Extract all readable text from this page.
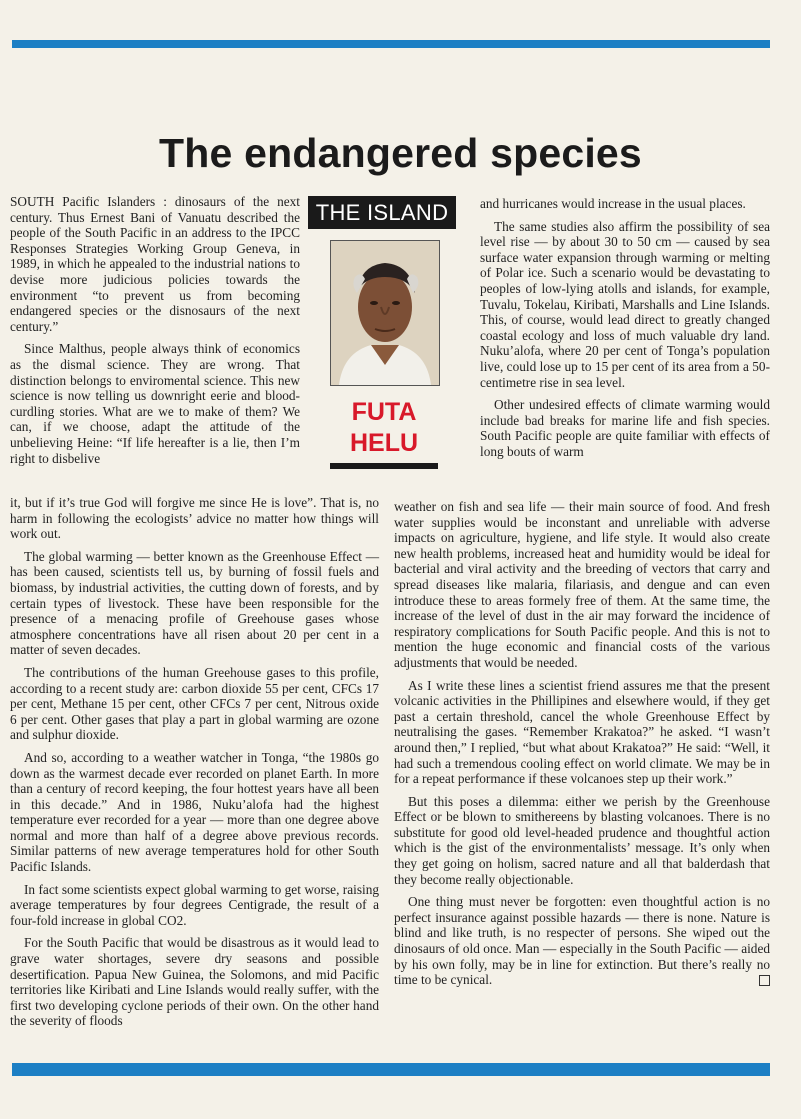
The endangered species
THE ISLAND
FUTA
HELU

SOUTH Pacific Islanders : dinosaurs of the next century. Thus Ernest Bani of Vanuatu described the people of the South Pacific in an address to the IPCC Responses Strategies Working Group Geneva, in 1989, in which he appealed to the industrial nations to devise more judicious policies towards the environment “to prevent us from becoming endangered species or the disnosaurs of the next century.”

Since Malthus, people always think of economics as the dismal science. They are wrong. That distinction belongs to enviromental science. This new science is now telling us downright eerie and blood-curdling stories. What are we to make of them? We can, if we choose, adapt the attitude of the unbelieving Heine: “If life hereafter is a lie, then I’m right to disbelive

it, but if it’s true God will forgive me since He is love”. That is, no harm in following the ecologists’ advice no matter how things will work out.

The global warming — better known as the Greenhouse Effect — has been caused, scientists tell us, by burning of fossil fuels and biomass, by industrial activities, the cutting down of forests, and by certain types of livestock. These have been responsible for the presence of a menacing profile of Greehouse gases whose atmosphere concentrations have all risen about 20 per cent in a matter of seven decades.

The contributions of the human Greehouse gases to this profile, according to a recent study are: carbon dioxide 55 per cent, CFCs 17 per cent, Methane 15 per cent, other CFCs 7 per cent, Nitrous oxide 6 per cent. Other gases that play a part in global warming are ozone and sulphur dioxide.

And so, according to a weather watcher in Tonga, “the 1980s go down as the warmest decade ever recorded on planet Earth. In more than a century of record keeping, the four hottest years have all been in this decade.” And in 1986, Nuku’alofa had the highest temperature ever recorded for a year — more than one degree above normal and more than half of a degree above previous records. Similar patterns of new average temperatures hold for other South Pacific Islands.

In fact some scientists expect global warming to get worse, raising average temperatures by four degrees Centigrade, the result of a four-fold increase in global CO2.

For the South Pacific that would be disastrous as it would lead to grave water shortages, severe dry seasons and possible desertification. Papua New Guinea, the Solomons, and mid Pacific territories like Kiribati and Line Islands would really suffer, with the first two developing cyclone periods of their own. On the other hand the severity of floods

and hurricanes would increase in the usual places.

The same studies also affirm the possibility of sea level rise — by about 30 to 50 cm — caused by sea surface water expansion through warming or melting of Polar ice. Such a scenario would be devastating to peoples of low-lying atolls and islands, for example, Tuvalu, Tokelau, Kiribati, Marshalls and Line Islands. This, of course, would lead direct to greatly changed coastal ecology and loss of much valuable dry land. Nuku’alofa, where 20 per cent of Tonga’s population live, could lose up to 15 per cent of its area from a 50-centimetre rise in sea level.

Other undesired effects of climate warming would include bad breaks for marine life and fish species. South Pacific people are quite familiar with effects of long bouts of warm

weather on fish and sea life — their main source of food. And fresh water supplies would be inconstant and unreliable with adverse impacts on agriculture, hygiene, and life style. It would also create new health problems, increased heat and humidity would be ideal for bacterial and viral activity and the breeding of vectors that carry and spread diseases like malaria, filariasis, and dengue and can even introduce these to areas formely free of them. At the same time, the increase of the level of dust in the air may forward the incidence of respiratory complications for South Pacific people. And this is not to mention the huge economic and financial costs of the various adjustments that would be needed.

As I write these lines a scientist friend assures me that the present volcanic activities in the Phillipines and elsewhere would, if they get past a certain threshold, cancel the whole Greenhouse Effect by neutralising the gases. “Remember Krakatoa?” he asked. “I wasn’t around then,” I replied, “but what about Krakatoa?” He said: “Well, it had such a tremendous cooling effect on world climate. We may be in for a repeat performance if these volcanoes step up their work.”

But this poses a dilemma: either we perish by the Greenhouse Effect or be blown to smithereens by blasting volcanoes. There is no substitute for good old level-headed prudence and thoughtful action which is the gist of the environmentalists’ message. It’s only when they get going on holism, sacred nature and all that balderdash that they become really objectionable.

One thing must never be forgotten: even thoughtful action is no perfect insurance against possible hazards — there is none. Nature is blind and like truth, is no respecter of persons. She wiped out the dinosaurs of old once. Man — especially in the South Pacific — aided by his own folly, may be in line for extinction. But there’s really no time to be cynical.
